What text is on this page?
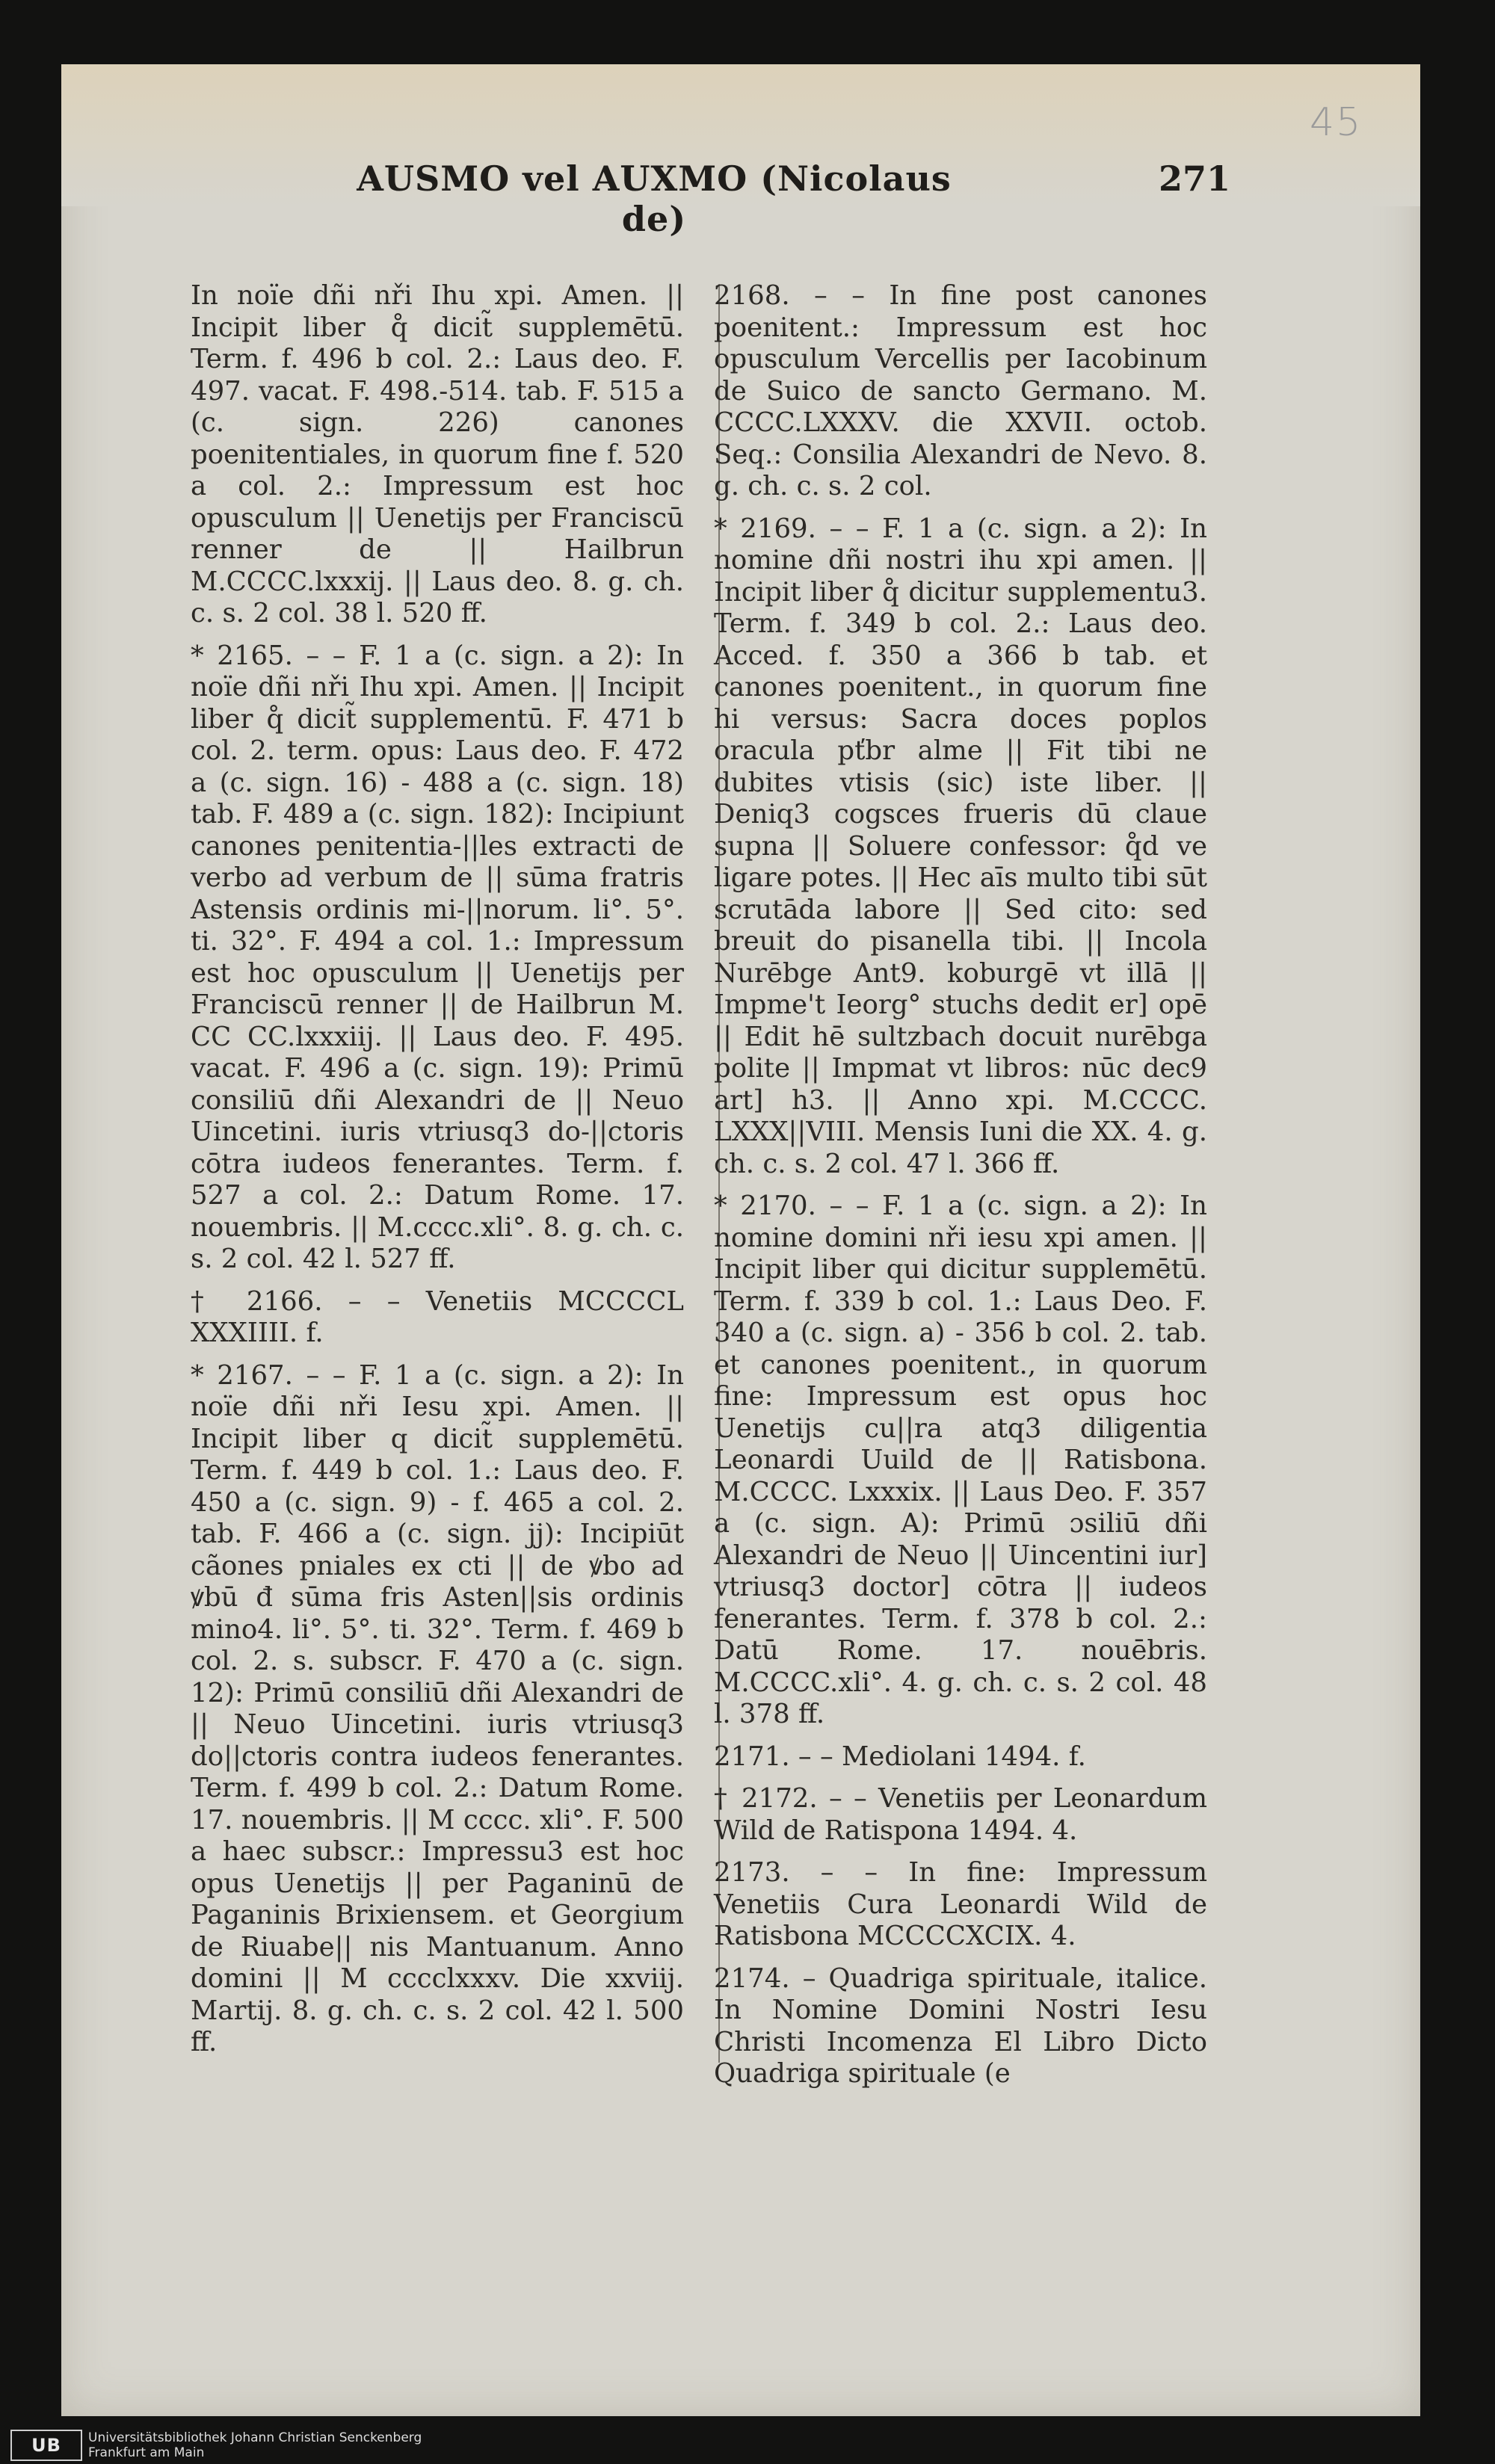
45
AUSMO vel AUXMO (Nicolaus de)
271

In noïe dñi nři Ihu xpi. Amen. || Incipit liber q̊ dicit̃ supplemētū. Term. f. 496 b col. 2.: Laus deo. F. 497. vacat. F. 498.-514. tab. F. 515 a (c. sign. 226) canones poenitentiales, in quorum fine f. 520 a col. 2.: Impressum est hoc opusculum || Uenetijs per Franciscū renner de || Hailbrun M.CCCC.lxxxij. || Laus deo. 8. g. ch. c. s. 2 col. 38 l. 520 ff.

* 2165. – – F. 1 a (c. sign. a 2): In noïe dñi nři Ihu xpi. Amen. || Incipit liber q̊ dicit̃ supplementū. F. 471 b col. 2. term. opus: Laus deo. F. 472 a (c. sign. 16) - 488 a (c. sign. 18) tab. F. 489 a (c. sign. 182): Incipiunt canones penitentia-||les extracti de verbo ad verbum de || sūma fratris Astensis ordinis mi-||norum. li°. 5°. ti. 32°. F. 494 a col. 1.: Impressum est hoc opusculum || Uenetijs per Franciscū renner || de Hailbrun M. CC CC.lxxxiij. || Laus deo. F. 495. vacat. F. 496 a (c. sign. 19): Primū consiliū dñi Alexandri de || Neuo Uincetini. iuris vtriusq3 do-||ctoris cōtra iudeos fenerantes. Term. f. 527 a col. 2.: Datum Rome. 17. nouembris. || M.cccc.xli°. 8. g. ch. c. s. 2 col. 42 l. 527 ff.

† 2166. – – Venetiis MCCCCL XXXIIII. f.

* 2167. – – F. 1 a (c. sign. a 2): In noïe dñi nři Iesu xpi. Amen. || Incipit liber q dicit̃ supplemētū. Term. f. 449 b col. 1.: Laus deo. F. 450 a (c. sign. 9) - f. 465 a col. 2. tab. F. 466 a (c. sign. jj): Incipiūt cãones pniales ex cti || de ꝟbo ad ꝟbū đ sūma fris Asten||sis ordinis mino4. li°. 5°. ti. 32°. Term. f. 469 b col. 2. s. subscr. F. 470 a (c. sign. 12): Primū consiliū dñi Alexandri de || Neuo Uincetini. iuris vtriusq3 do||ctoris contra iudeos fenerantes. Term. f. 499 b col. 2.: Datum Rome. 17. nouembris. || M cccc. xli°. F. 500 a haec subscr.: Impressu3 est hoc opus Uenetijs || per Paganinū de Paganinis Brixiensem. et Georgium de Riuabe|| nis Mantuanum. Anno domini || M cccclxxxv. Die xxviij. Martij. 8. g. ch. c. s. 2 col. 42 l. 500 ff.

2168. – – In fine post canones poenitent.: Impressum est hoc opusculum Vercellis per Iacobinum de Suico de sancto Germano. M. CCCC.LXXXV. die XXVII. octob. Seq.: Consilia Alexandri de Nevo. 8. g. ch. c. s. 2 col.

* 2169. – – F. 1 a (c. sign. a 2): In nomine dñi nostri ihu xpi amen. || Incipit liber q̊ dicitur supplementu3. Term. f. 349 b col. 2.: Laus deo. Acced. f. 350 a 366 b tab. et canones poenitent., in quorum fine hi versus: Sacra doces poplos oracula pťbr alme || Fit tibi ne dubites vtisis (sic) iste liber. || Deniq3 cogsces frueris dū claue supna || Soluere confessor: q̊d ve ligare potes. || Hec aīs multo tibi sūt scrutāda labore || Sed cito: sed breuit do pisanella tibi. || Incola Nurēbge Ant9. koburgē vt illā || Impme't Ieorg° stuchs dedit er] opē || Edit hē sultzbach docuit nurēbga polite || Impmat vt libros: nūc dec9 art] h3. || Anno xpi. M.CCCC. LXXX||VIII. Mensis Iuni die XX. 4. g. ch. c. s. 2 col. 47 l. 366 ff.

* 2170. – – F. 1 a (c. sign. a 2): In nomine domini nři iesu xpi amen. || Incipit liber qui dicitur supplemētū. Term. f. 339 b col. 1.: Laus Deo. F. 340 a (c. sign. a) - 356 b col. 2. tab. et canones poenitent., in quorum fine: Impressum est opus hoc Uenetijs cu||ra atq3 diligentia Leonardi Uuild de || Ratisbona. M.CCCC. Lxxxix. || Laus Deo. F. 357 a (c. sign. A): Primū ɔsiliū dñi Alexandri de Neuo || Uincentini iur] vtriusq3 doctor] cōtra || iudeos fenerantes. Term. f. 378 b col. 2.: Datū Rome. 17. nouēbris. M.CCCC.xli°. 4. g. ch. c. s. 2 col. 48 l. 378 ff.

2171. – – Mediolani 1494. f.

† 2172. – – Venetiis per Leonardum Wild de Ratispona 1494. 4.

2173. – – In fine: Impressum Venetiis Cura Leonardi Wild de Ratisbona MCCCCXCIX. 4.

2174. – Quadriga spirituale, italice. In Nomine Domini Nostri Iesu Christi Incomenza El Libro Dicto Quadriga spirituale (e

UB	Universitätsbibliothek Johann Christian Senckenberg
Frankfurt am Main
